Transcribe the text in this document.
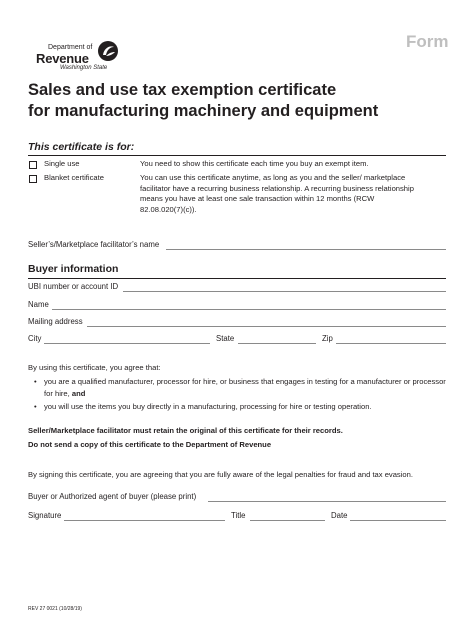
Department of
Revenue
Washington State
Form
Sales and use tax exemption certificate
for manufacturing machinery and equipment
This certificate is for:
Single use	You need to show this certificate each time you buy an exempt item.
Blanket certificate	You can use this certificate anytime, as long as you and the seller/ marketplace facilitator have a recurring business relationship. A recurring business relationship means you have at least one sale transaction within 12 months (RCW 82.08.020(7)(c)).
Seller’s/Marketplace facilitator’s name
Buyer information
UBI number or account ID
Name
Mailing address
City	State	Zip
By using this certificate, you agree that:
• you are a qualified manufacturer, processor for hire, or business that engages in testing for a manufacturer or processor for hire, and
• you will use the items you buy directly in a manufacturing, processing for hire or testing operation.
Seller/Marketplace facilitator must retain the original of this certificate for their records.
Do not send a copy of this certificate to the Department of Revenue
By signing this certificate, you are agreeing that you are fully aware of the legal penalties for fraud and tax evasion.
Buyer or Authorized agent of buyer (please print)
Signature	Title	Date
REV 27 0021 (10/28/19)
